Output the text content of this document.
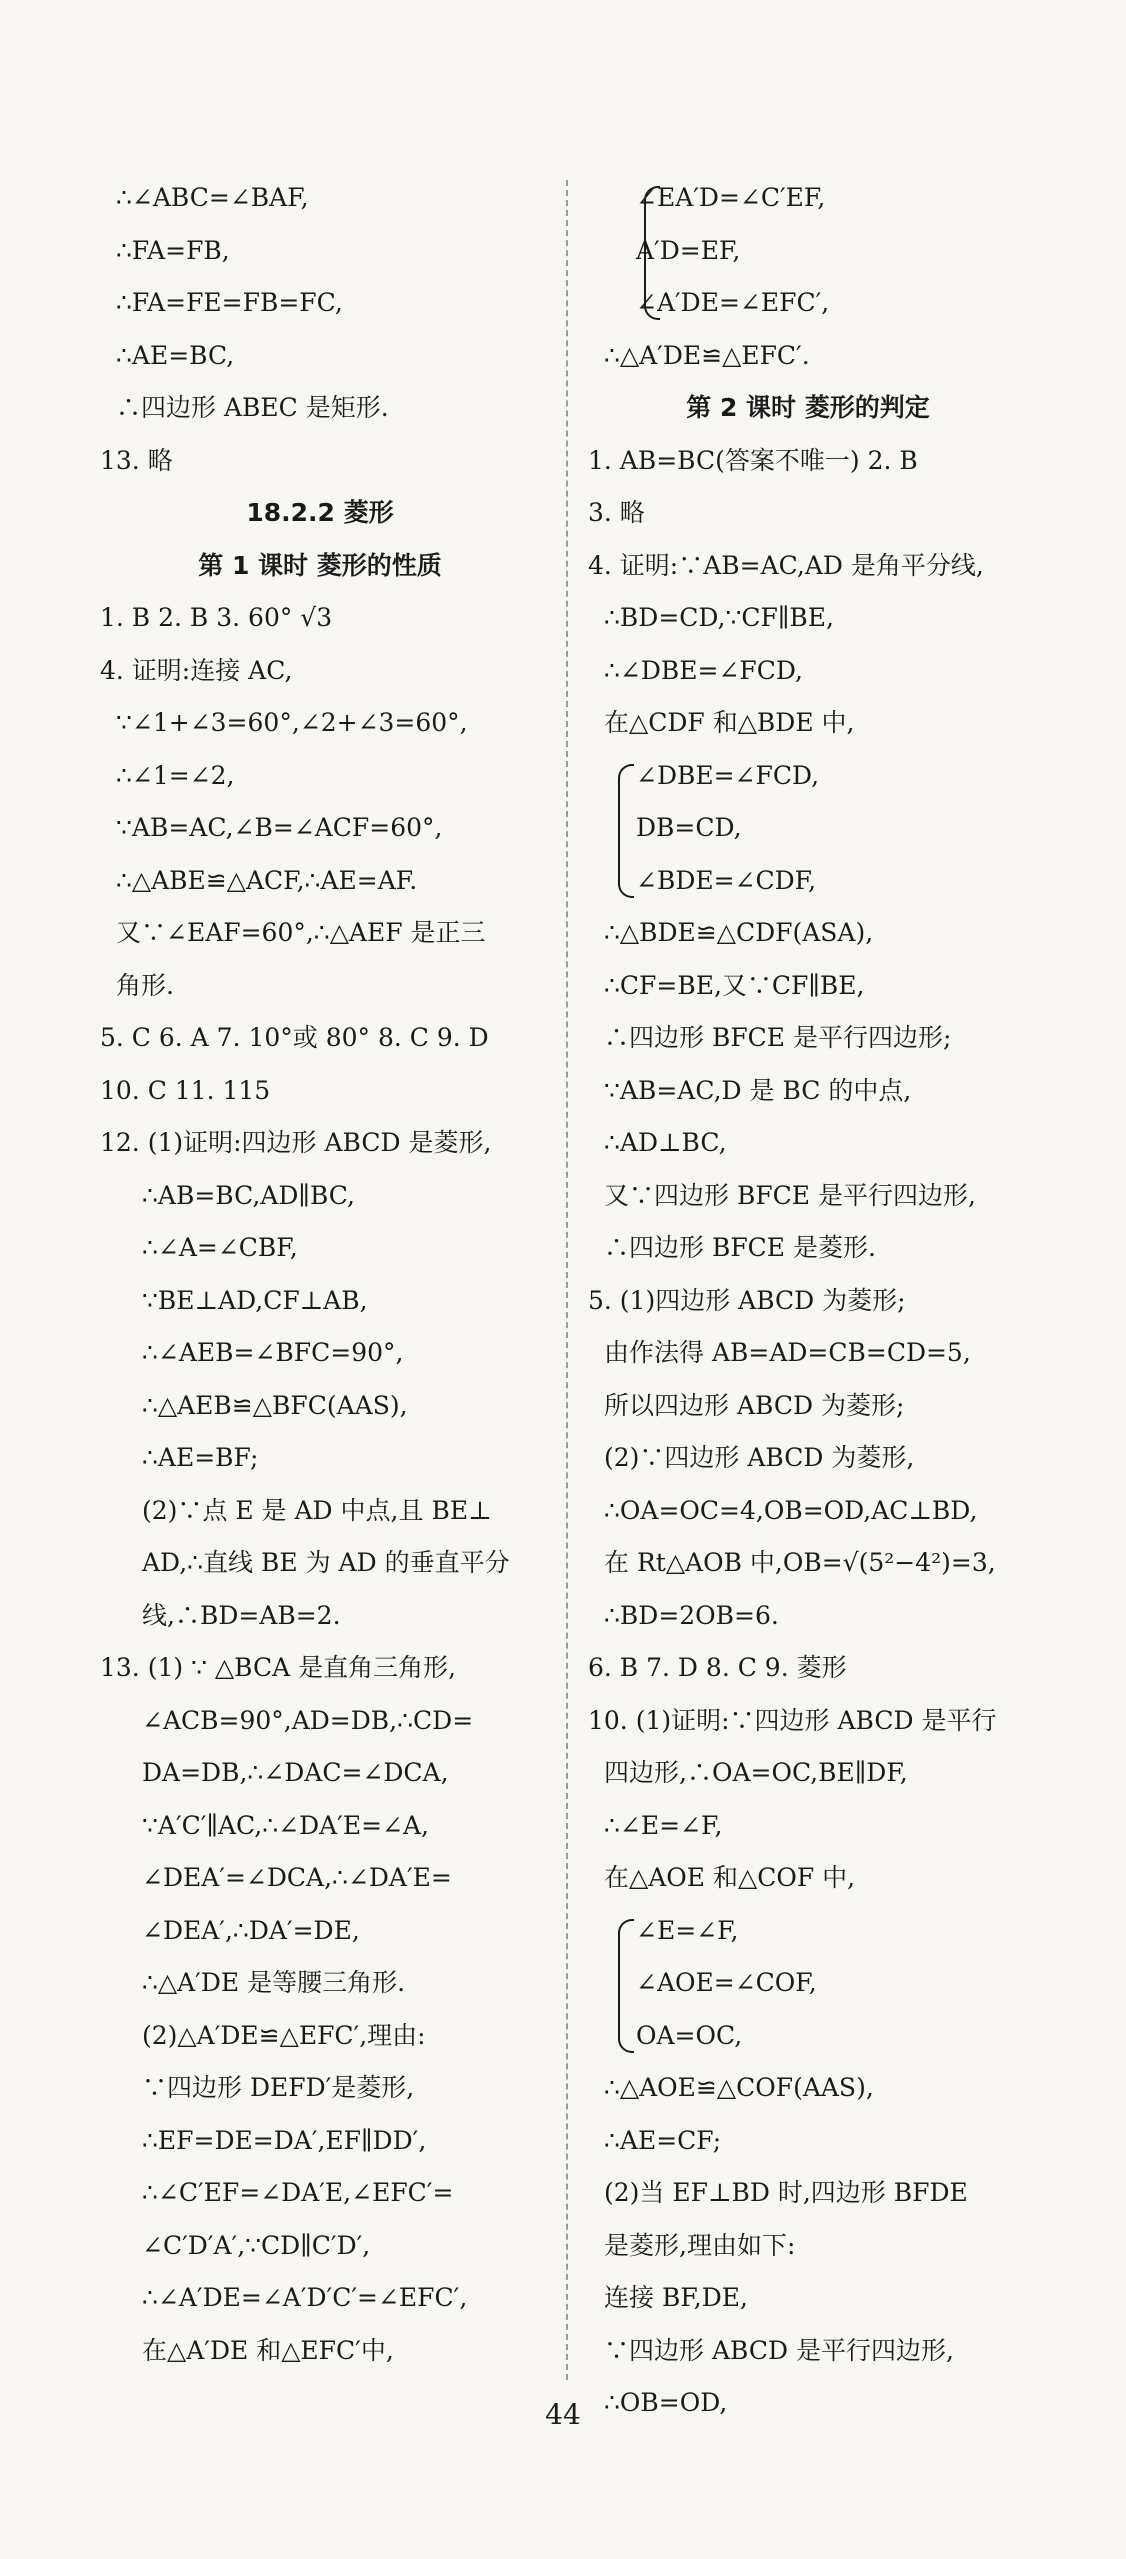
∴∠ABC=∠BAF,
∴FA=FB,
∴FA=FE=FB=FC,
∴AE=BC,
∴四边形 ABEC 是矩形.
13. 略
18.2.2 菱形
第 1 课时 菱形的性质
1. B 2. B 3. 60° √3
4. 证明:连接 AC,
∵∠1+∠3=60°,∠2+∠3=60°,
∴∠1=∠2,
∵AB=AC,∠B=∠ACF=60°,
∴△ABE≌△ACF,∴AE=AF.
又∵∠EAF=60°,∴△AEF 是正三
角形.
5. C 6. A 7. 10°或 80° 8. C 9. D
10. C 11. 115
12. (1)证明:四边形 ABCD 是菱形,
∴AB=BC,AD∥BC,
∴∠A=∠CBF,
∵BE⊥AD,CF⊥AB,
∴∠AEB=∠BFC=90°,
∴△AEB≌△BFC(AAS),
∴AE=BF;
(2)∵点 E 是 AD 中点,且 BE⊥
AD,∴直线 BE 为 AD 的垂直平分
线,∴BD=AB=2.
13. (1) ∵ △BCA 是直角三角形,
∠ACB=90°,AD=DB,∴CD=
DA=DB,∴∠DAC=∠DCA,
∵A′C′∥AC,∴∠DA′E=∠A,
∠DEA′=∠DCA,∴∠DA′E=
∠DEA′,∴DA′=DE,
∴△A′DE 是等腰三角形.
(2)△A′DE≌△EFC′,理由:
∵四边形 DEFD′是菱形,
∴EF=DE=DA′,EF∥DD′,
∴∠C′EF=∠DA′E,∠EFC′=
∠C′D′A′,∵CD∥C′D′,
∴∠A′DE=∠A′D′C′=∠EFC′,
在△A′DE 和△EFC′中,
∠EA′D=∠C′EF,
A′D=EF,
∠A′DE=∠EFC′,
∴△A′DE≌△EFC′.
第 2 课时 菱形的判定
1. AB=BC(答案不唯一) 2. B
3. 略
4. 证明:∵AB=AC,AD 是角平分线,
∴BD=CD,∵CF∥BE,
∴∠DBE=∠FCD,
在△CDF 和△BDE 中,
∠DBE=∠FCD,
DB=CD,
∠BDE=∠CDF,
∴△BDE≌△CDF(ASA),
∴CF=BE,又∵CF∥BE,
∴四边形 BFCE 是平行四边形;
∵AB=AC,D 是 BC 的中点,
∴AD⊥BC,
又∵四边形 BFCE 是平行四边形,
∴四边形 BFCE 是菱形.
5. (1)四边形 ABCD 为菱形;
由作法得 AB=AD=CB=CD=5,
所以四边形 ABCD 为菱形;
(2)∵四边形 ABCD 为菱形,
∴OA=OC=4,OB=OD,AC⊥BD,
在 Rt△AOB 中,OB=√(5²−4²)=3,
∴BD=2OB=6.
6. B 7. D 8. C 9. 菱形
10. (1)证明:∵四边形 ABCD 是平行
四边形,∴OA=OC,BE∥DF,
∴∠E=∠F,
在△AOE 和△COF 中,
∠E=∠F,
∠AOE=∠COF,
OA=OC,
∴△AOE≌△COF(AAS),
∴AE=CF;
(2)当 EF⊥BD 时,四边形 BFDE
是菱形,理由如下:
连接 BF,DE,
∵四边形 ABCD 是平行四边形,
∴OB=OD,
44
